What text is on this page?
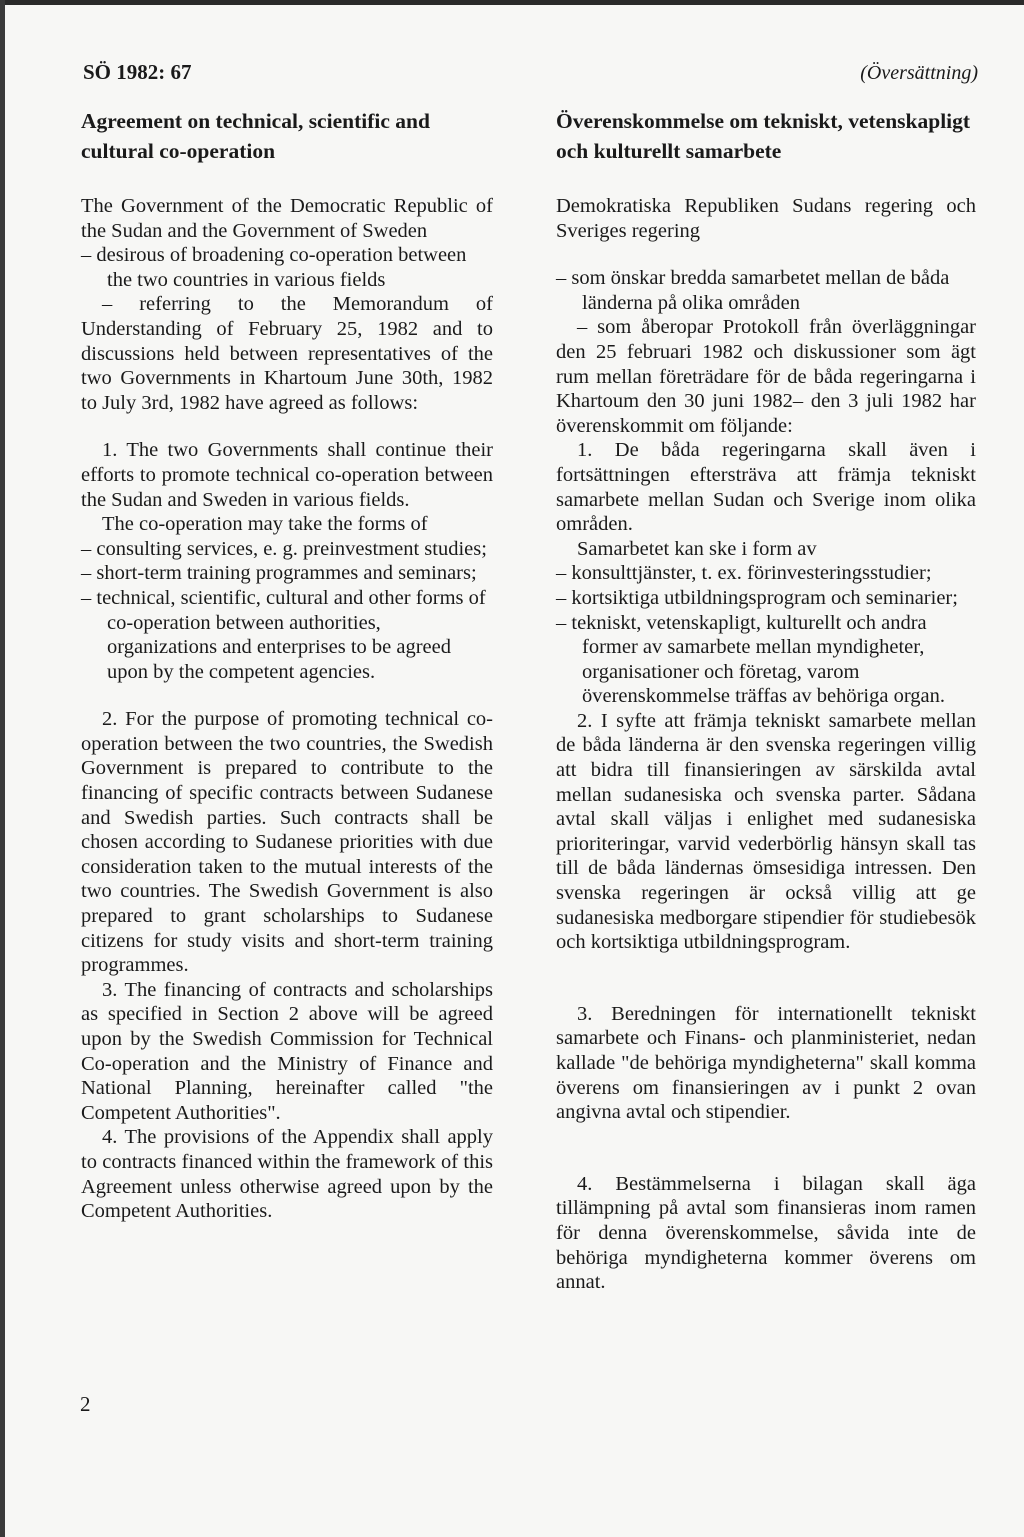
SÖ 1982: 67	(Översättning)
Agreement on technical, scientific and cultural co-operation

The Government of the Democratic Republic of the Sudan and the Government of Sweden

– desirous of broadening co-operation between the two countries in various fields

– referring to the Memorandum of Understanding of February 25, 1982 and to discussions held between representatives of the two Governments in Khartoum June 30th, 1982 to July 3rd, 1982 have agreed as follows:

1. The two Governments shall continue their efforts to promote technical co-operation between the Sudan and Sweden in various fields.

The co-operation may take the forms of

– consulting services, e. g. preinvestment studies;

– short-term training programmes and seminars;

– technical, scientific, cultural and other forms of co-operation between authorities, organizations and enterprises to be agreed upon by the competent agencies.

2. For the purpose of promoting technical co-operation between the two countries, the Swedish Government is prepared to contribute to the financing of specific contracts between Sudanese and Swedish parties. Such contracts shall be chosen according to Sudanese priorities with due consideration taken to the mutual interests of the two countries. The Swedish Government is also prepared to grant scholarships to Sudanese citizens for study visits and short-term training programmes.

3. The financing of contracts and scholarships as specified in Section 2 above will be agreed upon by the Swedish Commission for Technical Co-operation and the Ministry of Finance and National Planning, hereinafter called "the Competent Authorities".

4. The provisions of the Appendix shall apply to contracts financed within the framework of this Agreement unless otherwise agreed upon by the Competent Authorities.

Överenskommelse om tekniskt, vetenskapligt och kulturellt samarbete

Demokratiska Republiken Sudans regering och Sveriges regering

– som önskar bredda samarbetet mellan de båda länderna på olika områden

– som åberopar Protokoll från överläggningar den 25 februari 1982 och diskussioner som ägt rum mellan företrädare för de båda regeringarna i Khartoum den 30 juni 1982– den 3 juli 1982 har överenskommit om följande:

1. De båda regeringarna skall även i fortsättningen eftersträva att främja tekniskt samarbete mellan Sudan och Sverige inom olika områden.

Samarbetet kan ske i form av

– konsulttjänster, t. ex. förinvesteringsstudier;

– kortsiktiga utbildningsprogram och seminarier;

– tekniskt, vetenskapligt, kulturellt och andra former av samarbete mellan myndigheter, organisationer och företag, varom överenskommelse träffas av behöriga organ.

2. I syfte att främja tekniskt samarbete mellan de båda länderna är den svenska regeringen villig att bidra till finansieringen av särskilda avtal mellan sudanesiska och svenska parter. Sådana avtal skall väljas i enlighet med sudanesiska prioriteringar, varvid vederbörlig hänsyn skall tas till de båda ländernas ömsesidiga intressen. Den svenska regeringen är också villig att ge sudanesiska medborgare stipendier för studiebesök och kortsiktiga utbildningsprogram.

3. Beredningen för internationellt tekniskt samarbete och Finans- och planministeriet, nedan kallade "de behöriga myndigheterna" skall komma överens om finansieringen av i punkt 2 ovan angivna avtal och stipendier.

4. Bestämmelserna i bilagan skall äga tillämpning på avtal som finansieras inom ramen för denna överenskommelse, såvida inte de behöriga myndigheterna kommer överens om annat.

2
